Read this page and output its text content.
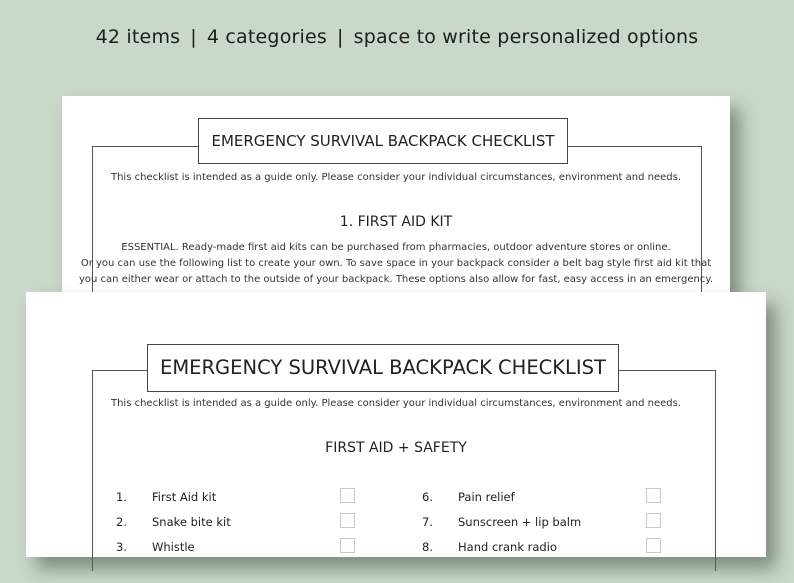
42 items | 4 categories | space to write personalized options
EMERGENCY SURVIVAL BACKPACK CHECKLIST
This checklist is intended as a guide only. Please consider your individual circumstances, environment and needs.
1. FIRST AID KIT
ESSENTIAL. Ready-made first aid kits can be purchased from pharmacies, outdoor adventure stores or online.
Or you can use the following list to create your own. To save space in your backpack consider a belt bag style first aid kit that
you can either wear or attach to the outside of your backpack. These options also allow for fast, easy access in an emergency.
EMERGENCY SURVIVAL BACKPACK CHECKLIST
This checklist is intended as a guide only. Please consider your individual circumstances, environment and needs.
FIRST AID + SAFETY
1. First Aid kit
2. Snake bite kit
3. Whistle
6. Pain relief
7. Sunscreen + lip balm
8. Hand crank radio
